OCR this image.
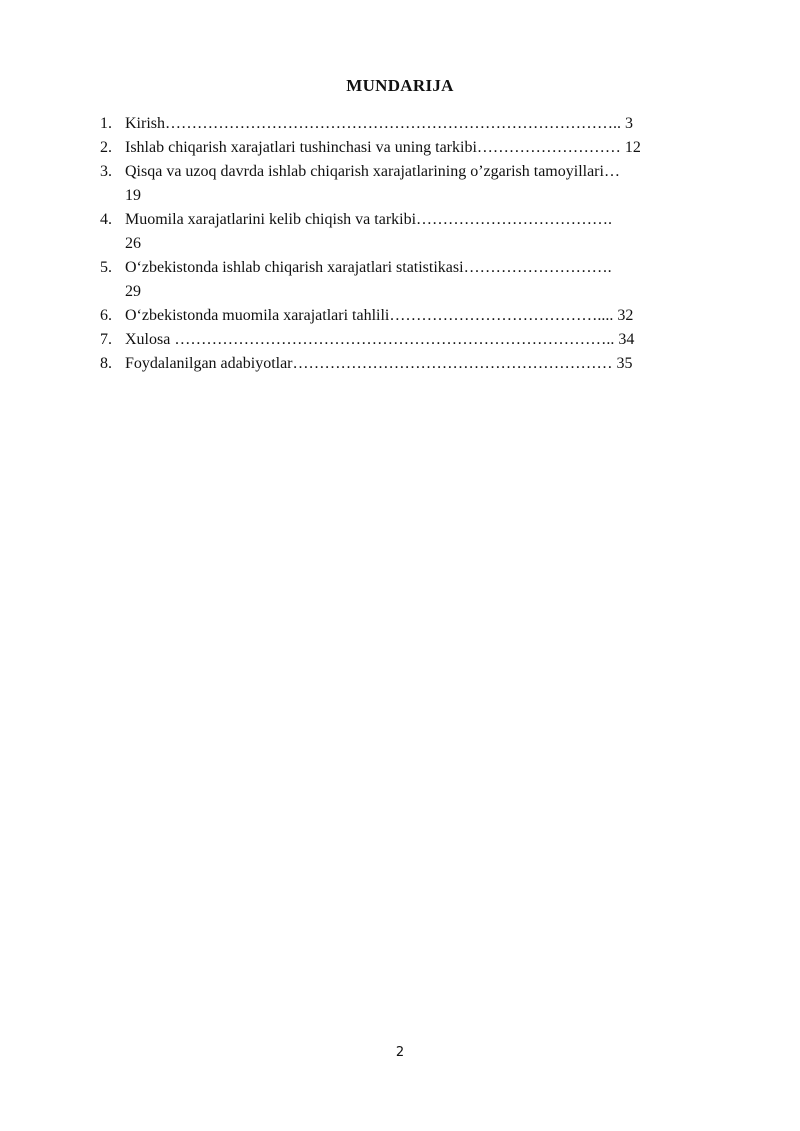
MUNDARIJA
1. Kirish………………………………………………………………………….. 3
2. Ishlab chiqarish xarajatlari tushinchasi va uning tarkibi……………………… 12
3. Qisqa va uzoq davrda ishlab chiqarish xarajatlarining o’zgarish tamoyillari…
19
4. Muomila xarajatlarini kelib chiqish va tarkibi……………………………….
26
5. O‘zbekistonda ishlab chiqarish xarajatlari statistikasi……………………….
29
6. O‘zbekistonda muomila xarajatlari tahlili………………………………….... 32
7. Xulosa ……………………………………………………………………….. 34
8. Foydalanilgan adabiyotlar…………………………………………………… 35
2
